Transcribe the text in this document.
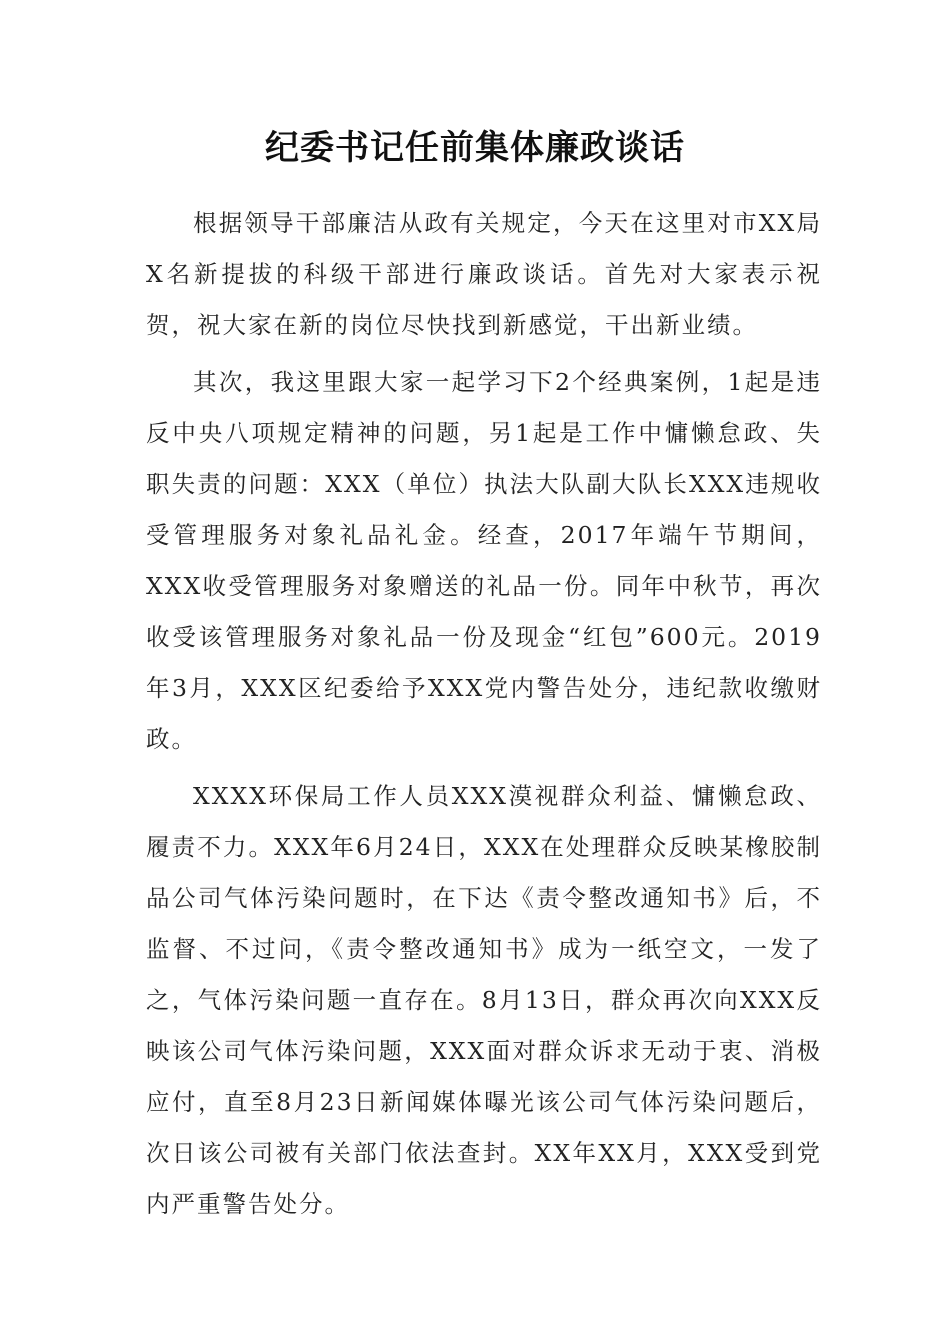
纪委书记任前集体廉政谈话

根据领导干部廉洁从政有关规定，今天在这里对市XX局X名新提拔的科级干部进行廉政谈话。首先对大家表示祝贺，祝大家在新的岗位尽快找到新感觉，干出新业绩。

其次，我这里跟大家一起学习下2个经典案例，1起是违反中央八项规定精神的问题，另1起是工作中慵懒怠政、失职失责的问题：XXX（单位）执法大队副大队长XXX违规收受管理服务对象礼品礼金。经查，2017年端午节期间，XXX收受管理服务对象赠送的礼品一份。同年中秋节，再次收受该管理服务对象礼品一份及现金“红包”600元。2019年3月，XXX区纪委给予XXX党内警告处分，违纪款收缴财政。

XXXX环保局工作人员XXX漠视群众利益、慵懒怠政、履责不力。XXX年6月24日，XXX在处理群众反映某橡胶制品公司气体污染问题时，在下达《责令整改通知书》后，不监督、不过问，《责令整改通知书》成为一纸空文，一发了之，气体污染问题一直存在。8月13日，群众再次向XXX反映该公司气体污染问题，XXX面对群众诉求无动于衷、消极应付，直至8月23日新闻媒体曝光该公司气体污染问题后，次日该公司被有关部门依法查封。XX年XX月，XXX受到党内严重警告处分。
